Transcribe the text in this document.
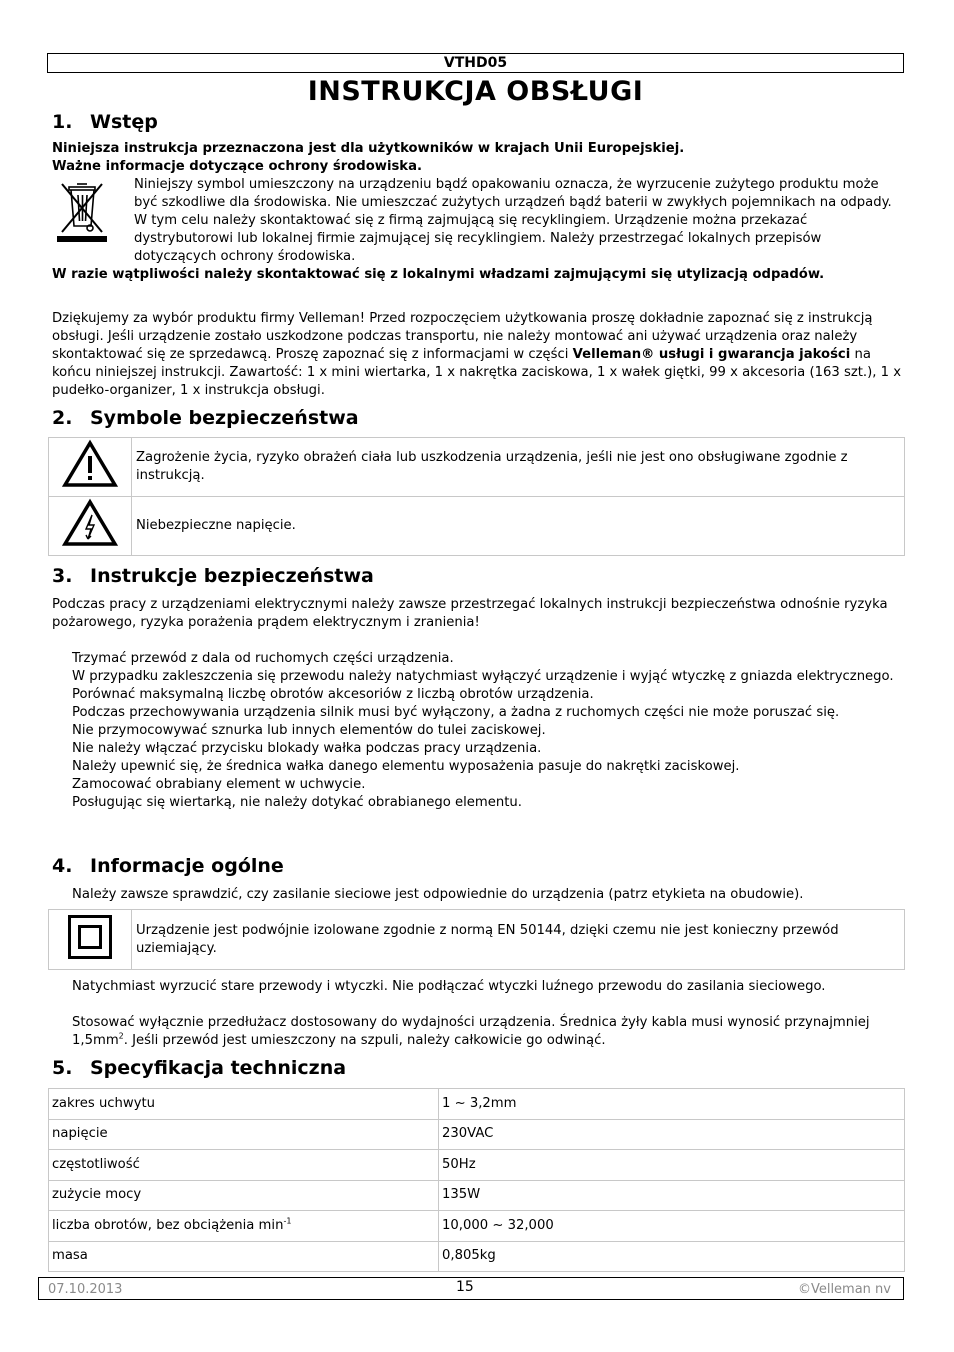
VTHD05
INSTRUKCJA OBSŁUGI
1. Wstęp
Niniejsza instrukcja przeznaczona jest dla użytkowników w krajach Unii Europejskiej.
Ważne informacje dotyczące ochrony środowiska.
Niniejszy symbol umieszczony na urządzeniu bądź opakowaniu oznacza, że wyrzucenie zużytego produktu może być szkodliwe dla środowiska. Nie umieszczać zużytych urządzeń bądź baterii w zwykłych pojemnikach na odpady. W tym celu należy skontaktować się z firmą zajmującą się recyklingiem. Urządzenie można przekazać dystrybutorowi lub lokalnej firmie zajmującej się recyklingiem. Należy przestrzegać lokalnych przepisów dotyczących ochrony środowiska.
W razie wątpliwości należy skontaktować się z lokalnymi władzami zajmującymi się utylizacją odpadów.
Dziękujemy za wybór produktu firmy Velleman! Przed rozpoczęciem użytkowania proszę dokładnie zapoznać się z instrukcją obsługi. Jeśli urządzenie zostało uszkodzone podczas transportu, nie należy montować ani używać urządzenia oraz należy skontaktować się ze sprzedawcą. Proszę zapoznać się z informacjami w części Velleman® usługi i gwarancja jakości na końcu niniejszej instrukcji. Zawartość: 1 x mini wiertarka, 1 x nakrętka zaciskowa, 1 x wałek giętki, 99 x akcesoria (163 szt.), 1 x pudełko-organizer, 1 x instrukcja obsługi.
2. Symbole bezpieczeństwa
	Zagrożenie życia, ryzyko obrażeń ciała lub uszkodzenia urządzenia, jeśli nie jest ono obsługiwane zgodnie z instrukcją.
	Niebezpieczne napięcie.
3. Instrukcje bezpieczeństwa
Podczas pracy z urządzeniami elektrycznymi należy zawsze przestrzegać lokalnych instrukcji bezpieczeństwa odnośnie ryzyka pożarowego, ryzyka porażenia prądem elektrycznym i zranienia!

Trzymać przewód z dala od ruchomych części urządzenia.

W przypadku zakleszczenia się przewodu należy natychmiast wyłączyć urządzenie i wyjąć wtyczkę z gniazda elektrycznego.

Porównać maksymalną liczbę obrotów akcesoriów z liczbą obrotów urządzenia.

Podczas przechowywania urządzenia silnik musi być wyłączony, a żadna z ruchomych części nie może poruszać się.

Nie przymocowywać sznurka lub innych elementów do tulei zaciskowej.

Nie należy włączać przycisku blokady wałka podczas pracy urządzenia.

Należy upewnić się, że średnica wałka danego elementu wyposażenia pasuje do nakrętki zaciskowej.

Zamocować obrabiany element w uchwycie.

Posługując się wiertarką, nie należy dotykać obrabianego elementu.

4. Informacje ogólne
Należy zawsze sprawdzić, czy zasilanie sieciowe jest odpowiednie do urządzenia (patrz etykieta na obudowie).
	Urządzenie jest podwójnie izolowane zgodnie z normą EN 50144, dzięki czemu nie jest konieczny przewód uziemiający.
Natychmiast wyrzucić stare przewody i wtyczki. Nie podłączać wtyczki luźnego przewodu do zasilania sieciowego.
Stosować wyłącznie przedłużacz dostosowany do wydajności urządzenia. Średnica żyły kabla musi wynosić przynajmniej $1,5mm^2$. Jeśli przewód jest umieszczony na szpuli, należy całkowicie go odwinąć.
5. Specyfikacja techniczna
zakres uchwytu	1 ~ 3,2mm
napięcie	230VAC
częstotliwość	50Hz
zużycie mocy	135W
liczba obrotów, bez obciążenia $\min^{-1}$	10,000 ~ 32,000
masa	0,805kg
07.10.2013	15	©Velleman nv
